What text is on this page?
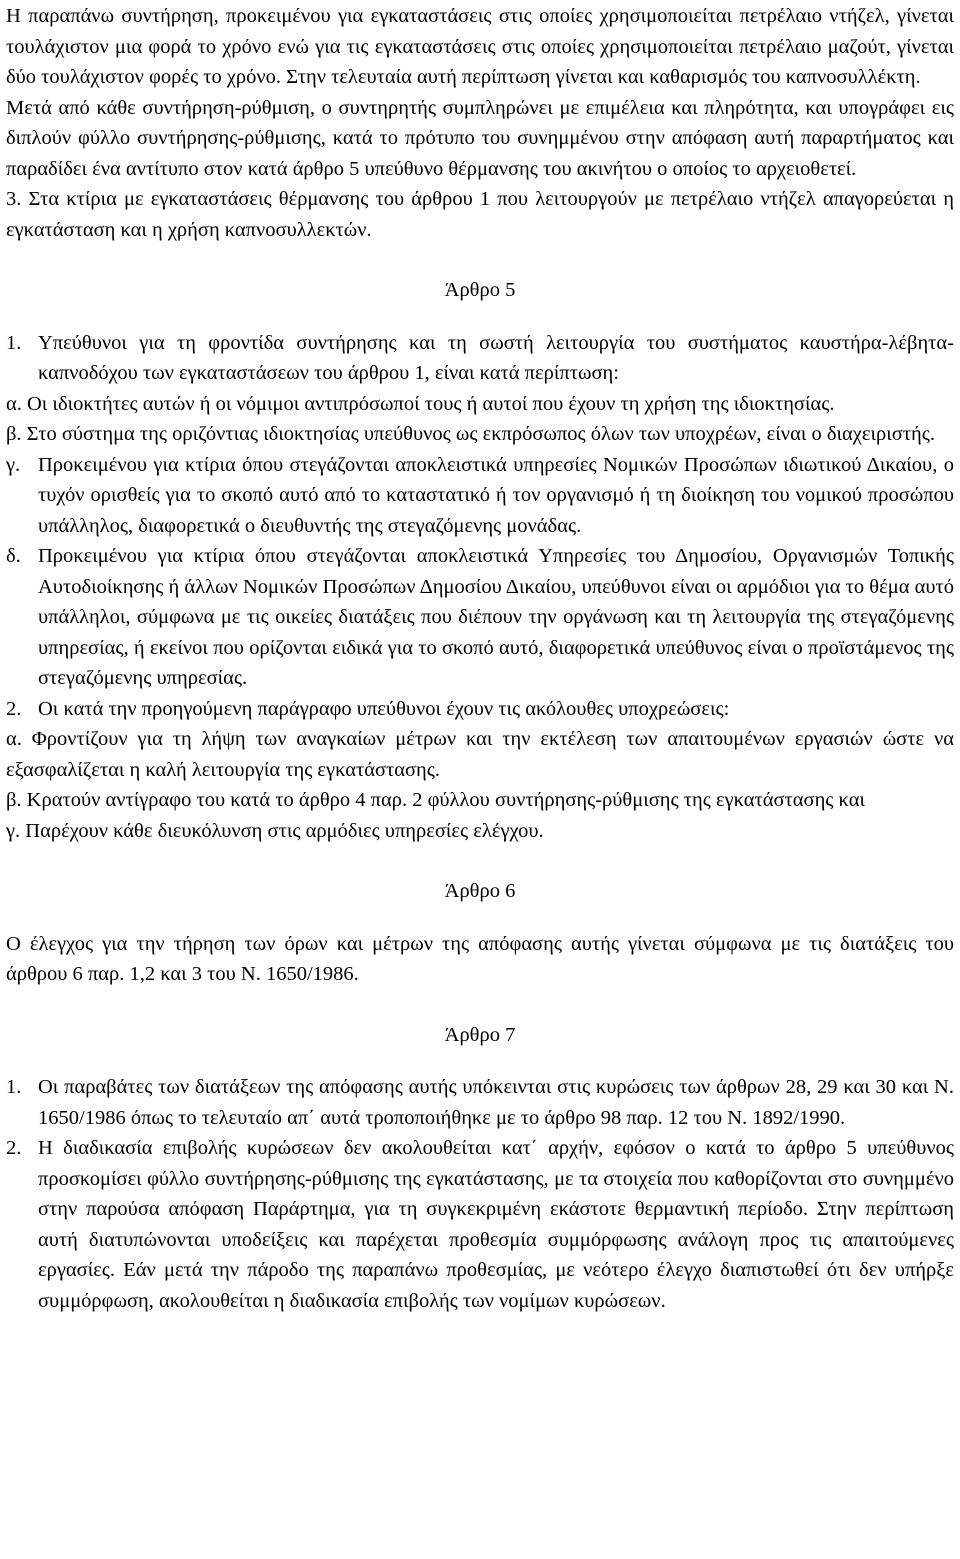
Η παραπάνω συντήρηση, προκειμένου για εγκαταστάσεις στις οποίες χρησιμοποιείται πετρέλαιο ντήζελ, γίνεται τουλάχιστον μια φορά το χρόνο ενώ για τις εγκαταστάσεις στις οποίες χρησιμοποιείται πετρέλαιο μαζούτ, γίνεται δύο τουλάχιστον φορές το χρόνο. Στην τελευταία αυτή περίπτωση γίνεται και καθαρισμός του καπνοσυλλέκτη.

Μετά από κάθε συντήρηση-ρύθμιση, ο συντηρητής συμπληρώνει με επιμέλεια και πληρότητα, και υπογράφει εις διπλούν φύλλο συντήρησης-ρύθμισης, κατά το πρότυπο του συνημμένου στην απόφαση αυτή παραρτήματος και παραδίδει ένα αντίτυπο στον κατά άρθρο 5 υπεύθυνο θέρμανσης του ακινήτου ο οποίος το αρχειοθετεί.

3. Στα κτίρια με εγκαταστάσεις θέρμανσης του άρθρου 1 που λειτουργούν με πετρέλαιο ντήζελ απαγορεύεται η εγκατάσταση και η χρήση καπνοσυλλεκτών.

Άρθρο 5

1. Υπεύθυνοι για τη φροντίδα συντήρησης και τη σωστή λειτουργία του συστήματος καυστήρα-λέβητα-καπνοδόχου των εγκαταστάσεων του άρθρου 1, είναι κατά περίπτωση:

α. Οι ιδιοκτήτες αυτών ή οι νόμιμοι αντιπρόσωποί τους ή αυτοί που έχουν τη χρήση της ιδιοκτησίας.

β. Στο σύστημα της οριζόντιας ιδιοκτησίας υπεύθυνος ως εκπρόσωπος όλων των υποχρέων, είναι ο διαχειριστής.

γ. Προκειμένου για κτίρια όπου στεγάζονται αποκλειστικά υπηρεσίες Νομικών Προσώπων ιδιωτικού Δικαίου, ο τυχόν ορισθείς για το σκοπό αυτό από το καταστατικό ή τον οργανισμό ή τη διοίκηση του νομικού προσώπου υπάλληλος, διαφορετικά ο διευθυντής της στεγαζόμενης μονάδας.
δ. Προκειμένου για κτίρια όπου στεγάζονται αποκλειστικά Υπηρεσίες του Δημοσίου, Οργανισμών Τοπικής Αυτοδιοίκησης ή άλλων Νομικών Προσώπων Δημοσίου Δικαίου, υπεύθυνοι είναι οι αρμόδιοι για το θέμα αυτό υπάλληλοι, σύμφωνα με τις οικείες διατάξεις που διέπουν την οργάνωση και τη λειτουργία της στεγαζόμενης υπηρεσίας, ή εκείνοι που ορίζονται ειδικά για το σκοπό αυτό, διαφορετικά υπεύθυνος είναι ο προϊστάμενος της στεγαζόμενης υπηρεσίας.
2. Οι κατά την προηγούμενη παράγραφο υπεύθυνοι έχουν τις ακόλουθες υποχρεώσεις:

α. Φροντίζουν για τη λήψη των αναγκαίων μέτρων και την εκτέλεση των απαιτουμένων εργασιών ώστε να εξασφαλίζεται η καλή λειτουργία της εγκατάστασης.

β. Κρατούν αντίγραφο του κατά το άρθρο 4 παρ. 2 φύλλου συντήρησης-ρύθμισης της εγκατάστασης και

γ. Παρέχουν κάθε διευκόλυνση στις αρμόδιες υπηρεσίες ελέγχου.

Άρθρο 6

Ο έλεγχος για την τήρηση των όρων και μέτρων της απόφασης αυτής γίνεται σύμφωνα με τις διατάξεις του άρθρου 6 παρ. 1,2 και 3 του Ν. 1650/1986.

Άρθρο 7

1. Οι παραβάτες των διατάξεων της απόφασης αυτής υπόκεινται στις κυρώσεις των άρθρων 28, 29 και 30 και Ν. 1650/1986 όπως το τελευταίο απ΄ αυτά τροποποιήθηκε με το άρθρο 98 παρ. 12 του Ν. 1892/1990.
2. Η διαδικασία επιβολής κυρώσεων δεν ακολουθείται κατ΄ αρχήν, εφόσον ο κατά το άρθρο 5 υπεύθυνος προσκομίσει φύλλο συντήρησης-ρύθμισης της εγκατάστασης, με τα στοιχεία που καθορίζονται στο συνημμένο στην παρούσα απόφαση Παράρτημα, για τη συγκεκριμένη εκάστοτε θερμαντική περίοδο. Στην περίπτωση αυτή διατυπώνονται υποδείξεις και παρέχεται προθεσμία συμμόρφωσης ανάλογη προς τις απαιτούμενες εργασίες. Εάν μετά την πάροδο της παραπάνω προθεσμίας, με νεότερο έλεγχο διαπιστωθεί ότι δεν υπήρξε συμμόρφωση, ακολουθείται η διαδικασία επιβολής των νομίμων κυρώσεων.
